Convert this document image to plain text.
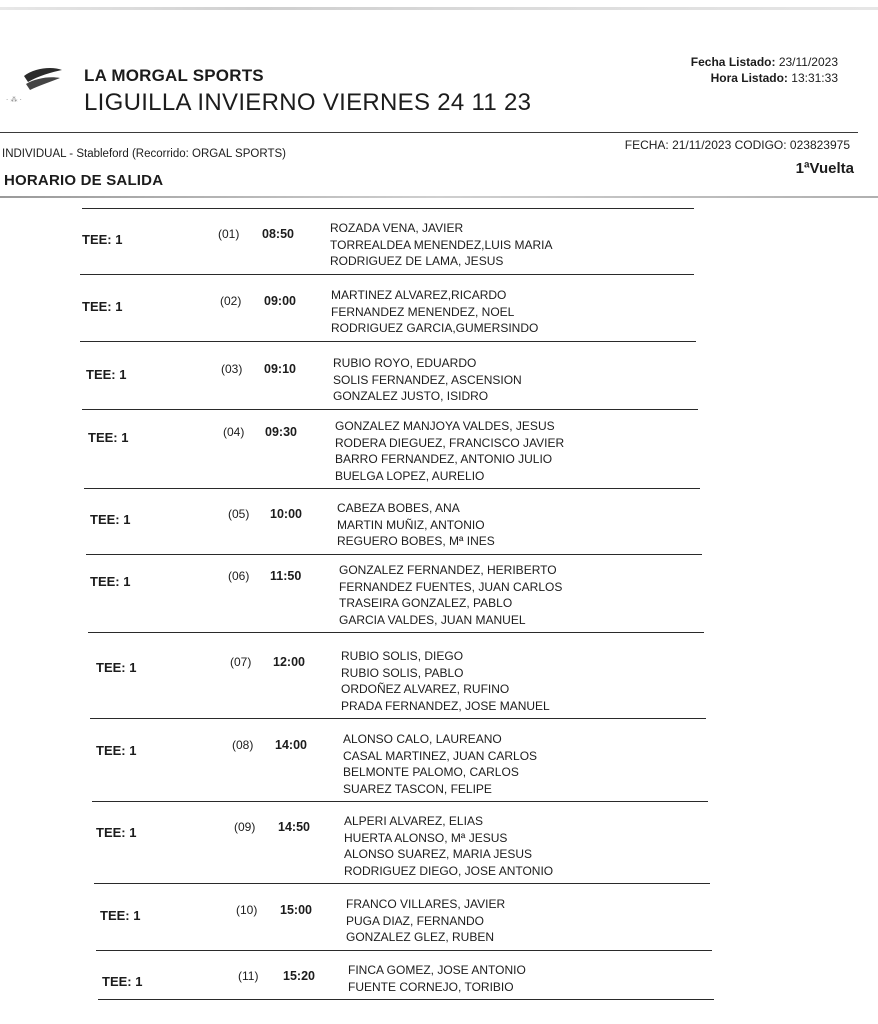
· ⁂ ·
LA MORGAL SPORTS
LIGUILLA INVIERNO VIERNES 24 11 23
Fecha Listado: 23/11/2023
Hora Listado: 13:31:33
INDIVIDUAL - Stableford (Recorrido: ORGAL SPORTS)
FECHA: 21/11/2023 CODIGO: 023823975
HORARIO DE SALIDA
1ªVuelta
TEE: 1	(01) 08:50	ROZADA VENA, JAVIER
TORREALDEA MENENDEZ,LUIS MARIA
RODRIGUEZ DE LAMA, JESUS
TEE: 1	(02) 09:00	MARTINEZ ALVAREZ,RICARDO
FERNANDEZ MENENDEZ, NOEL
RODRIGUEZ GARCIA,GUMERSINDO
TEE: 1	(03) 09:10	RUBIO ROYO, EDUARDO
SOLIS FERNANDEZ, ASCENSION
GONZALEZ JUSTO, ISIDRO
TEE: 1	(04) 09:30	GONZALEZ MANJOYA VALDES, JESUS
RODERA DIEGUEZ, FRANCISCO JAVIER
BARRO FERNANDEZ, ANTONIO JULIO
BUELGA LOPEZ, AURELIO
TEE: 1	(05) 10:00	CABEZA BOBES, ANA
MARTIN MUÑIZ, ANTONIO
REGUERO BOBES, Mª INES
TEE: 1	(06) 11:50	GONZALEZ FERNANDEZ, HERIBERTO
FERNANDEZ FUENTES, JUAN CARLOS
TRASEIRA GONZALEZ, PABLO
GARCIA VALDES, JUAN MANUEL
TEE: 1	(07) 12:00	RUBIO SOLIS, DIEGO
RUBIO SOLIS, PABLO
ORDOÑEZ ALVAREZ, RUFINO
PRADA FERNANDEZ, JOSE MANUEL
TEE: 1	(08) 14:00	ALONSO CALO, LAUREANO
CASAL MARTINEZ, JUAN CARLOS
BELMONTE PALOMO, CARLOS
SUAREZ TASCON, FELIPE
TEE: 1	(09) 14:50	ALPERI ALVAREZ, ELIAS
HUERTA ALONSO, Mª JESUS
ALONSO SUAREZ, MARIA JESUS
RODRIGUEZ DIEGO, JOSE ANTONIO
TEE: 1	(10) 15:00	FRANCO VILLARES, JAVIER
PUGA DIAZ, FERNANDO
GONZALEZ GLEZ, RUBEN
TEE: 1	(11) 15:20	FINCA GOMEZ, JOSE ANTONIO
FUENTE CORNEJO, TORIBIO
